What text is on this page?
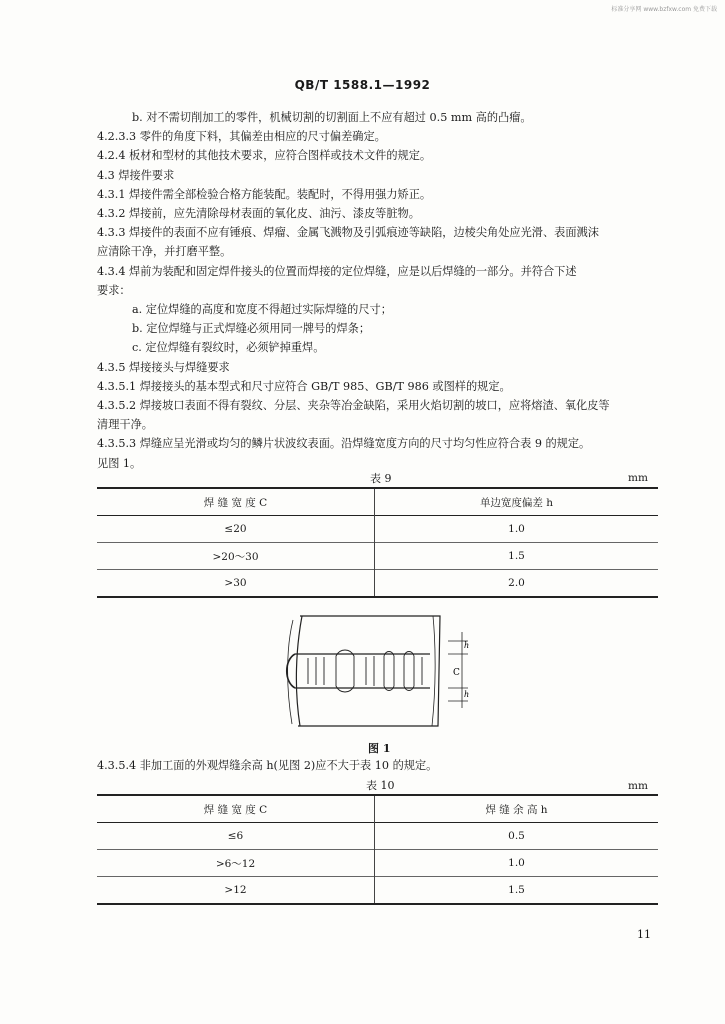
标准分享网 www.bzfxw.com 免费下载
QB/T 1588.1—1992
b. 对不需切削加工的零件，机械切割的切割面上不应有超过 0.5 mm 高的凸瘤。
4.2.3.3 零件的角度下料，其偏差由相应的尺寸偏差确定。
4.2.4 板材和型材的其他技术要求，应符合图样或技术文件的规定。
4.3 焊接件要求
4.3.1 焊接件需全部检验合格方能装配。装配时，不得用强力矫正。
4.3.2 焊接前，应先清除母材表面的氧化皮、油污、漆皮等脏物。
4.3.3 焊接件的表面不应有锤痕、焊瘤、金属飞溅物及引弧痕迹等缺陷，边棱尖角处应光滑、表面溅沫
应清除干净，并打磨平整。
4.3.4 焊前为装配和固定焊件接头的位置而焊接的定位焊缝，应是以后焊缝的一部分。并符合下述
要求：
a. 定位焊缝的高度和宽度不得超过实际焊缝的尺寸；
b. 定位焊缝与正式焊缝必须用同一牌号的焊条；
c. 定位焊缝有裂纹时，必须铲掉重焊。
4.3.5 焊接接头与焊缝要求
4.3.5.1 焊接接头的基本型式和尺寸应符合 GB/T 985、GB/T 986 或图样的规定。
4.3.5.2 焊接坡口表面不得有裂纹、分层、夹杂等冶金缺陷，采用火焰切割的坡口，应将熔渣、氧化皮等
清理干净。
4.3.5.3 焊缝应呈光滑或均匀的鳞片状波纹表面。沿焊缝宽度方向的尺寸均匀性应符合表 9 的规定。
见图 1。
表 9	mm
焊 缝 宽 度 C	单边宽度偏差 h
≤20	1.0
>20～30	1.5
>30	2.0
h
C
h
图 1
4.3.5.4 非加工面的外观焊缝余高 h(见图 2)应不大于表 10 的规定。
表 10	mm
焊 缝 宽 度 C	焊 缝 余 高 h
≤6	0.5
>6～12	1.0
>12	1.5
11
